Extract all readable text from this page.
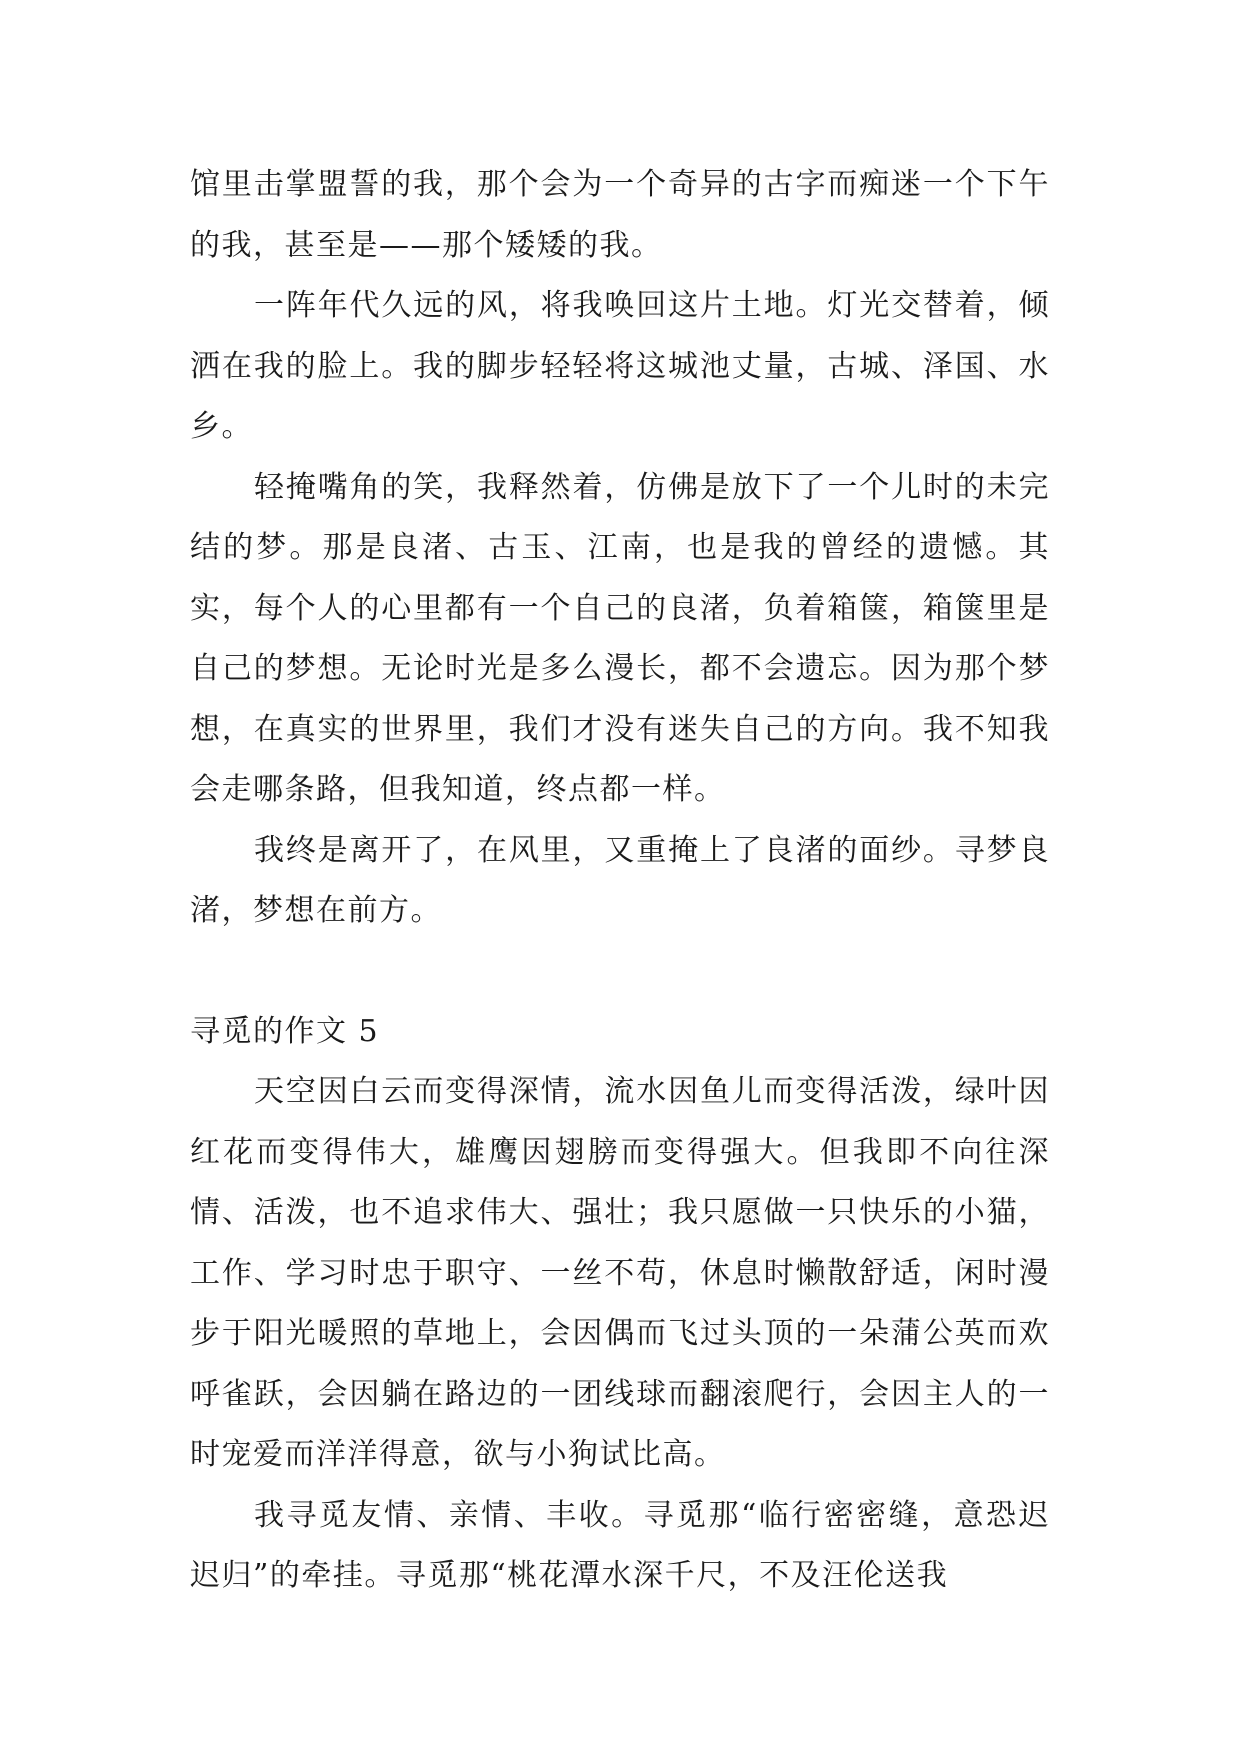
馆里击掌盟誓的我，那个会为一个奇异的古字而痴迷一个下午的我，甚至是——那个矮矮的我。

一阵年代久远的风，将我唤回这片土地。灯光交替着，倾洒在我的脸上。我的脚步轻轻将这城池丈量，古城、泽国、水乡。

轻掩嘴角的笑，我释然着，仿佛是放下了一个儿时的未完结的梦。那是良渚、古玉、江南，也是我的曾经的遗憾。其实，每个人的心里都有一个自己的良渚，负着箱箧，箱箧里是自己的梦想。无论时光是多么漫长，都不会遗忘。因为那个梦想，在真实的世界里，我们才没有迷失自己的方向。我不知我会走哪条路，但我知道，终点都一样。

我终是离开了，在风里，又重掩上了良渚的面纱。寻梦良渚，梦想在前方。

寻觅的作文 5

天空因白云而变得深情，流水因鱼儿而变得活泼，绿叶因红花而变得伟大，雄鹰因翅膀而变得强大。但我即不向往深情、活泼，也不追求伟大、强壮；我只愿做一只快乐的小猫，工作、学习时忠于职守、一丝不苟，休息时懒散舒适，闲时漫步于阳光暖照的草地上，会因偶而飞过头顶的一朵蒲公英而欢呼雀跃，会因躺在路边的一团线球而翻滚爬行，会因主人的一时宠爱而洋洋得意，欲与小狗试比高。

我寻觅友情、亲情、丰收。寻觅那“临行密密缝，意恐迟迟归”的牵挂。寻觅那“桃花潭水深千尺，不及汪伦送我
